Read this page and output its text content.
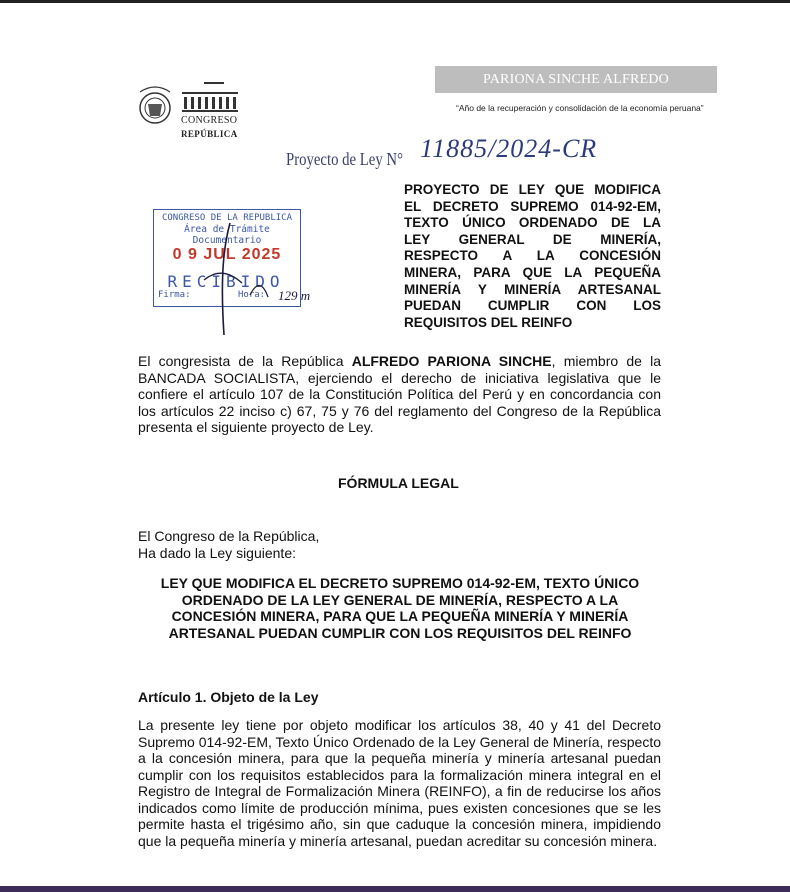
CONGRESO
REPÚBLICA
PARIONA SINCHE ALFREDO
“Año de la recuperación y consolidación de la economía peruana”
Proyecto de Ley N° 11885/2024-CR
PROYECTO DE LEY QUE MODIFICA
EL DECRETO SUPREMO 014-92-EM,
TEXTO ÚNICO ORDENADO DE LA
LEY GENERAL DE MINERÍA,
RESPECTO A LA CONCESIÓN
MINERA, PARA QUE LA PEQUEÑA
MINERÍA Y MINERÍA ARTESANAL
PUEDAN CUMPLIR CON LOS
REQUISITOS DEL REINFO
CONGRESO DE LA REPUBLICA
Área de Trámite Documentario
0 9 JUL 2025
RECIBIDO
Firma:	Hora: 129 m
El congresista de la República ALFREDO PARIONA SINCHE, miembro de la BANCADA SOCIALISTA, ejerciendo el derecho de iniciativa legislativa que le confiere el artículo 107 de la Constitución Política del Perú y en concordancia con los artículos 22 inciso c) 67, 75 y 76 del reglamento del Congreso de la República presenta el siguiente proyecto de Ley.
FÓRMULA LEGAL
El Congreso de la República,
Ha dado la Ley siguiente:
LEY QUE MODIFICA EL DECRETO SUPREMO 014-92-EM, TEXTO ÚNICO
ORDENADO DE LA LEY GENERAL DE MINERÍA, RESPECTO A LA
CONCESIÓN MINERA, PARA QUE LA PEQUEÑA MINERÍA Y MINERÍA
ARTESANAL PUEDAN CUMPLIR CON LOS REQUISITOS DEL REINFO
Artículo 1. Objeto de la Ley
La presente ley tiene por objeto modificar los artículos 38, 40 y 41 del Decreto Supremo 014-92-EM, Texto Único Ordenado de la Ley General de Minería, respecto a la concesión minera, para que la pequeña minería y minería artesanal puedan cumplir con los requisitos establecidos para la formalización minera integral en el Registro de Integral de Formalización Minera (REINFO), a fin de reducirse los años indicados como límite de producción mínima, pues existen concesiones que se les permite hasta el trigésimo año, sin que caduque la concesión minera, impidiendo que la pequeña minería y minería artesanal, puedan acreditar su concesión minera.
